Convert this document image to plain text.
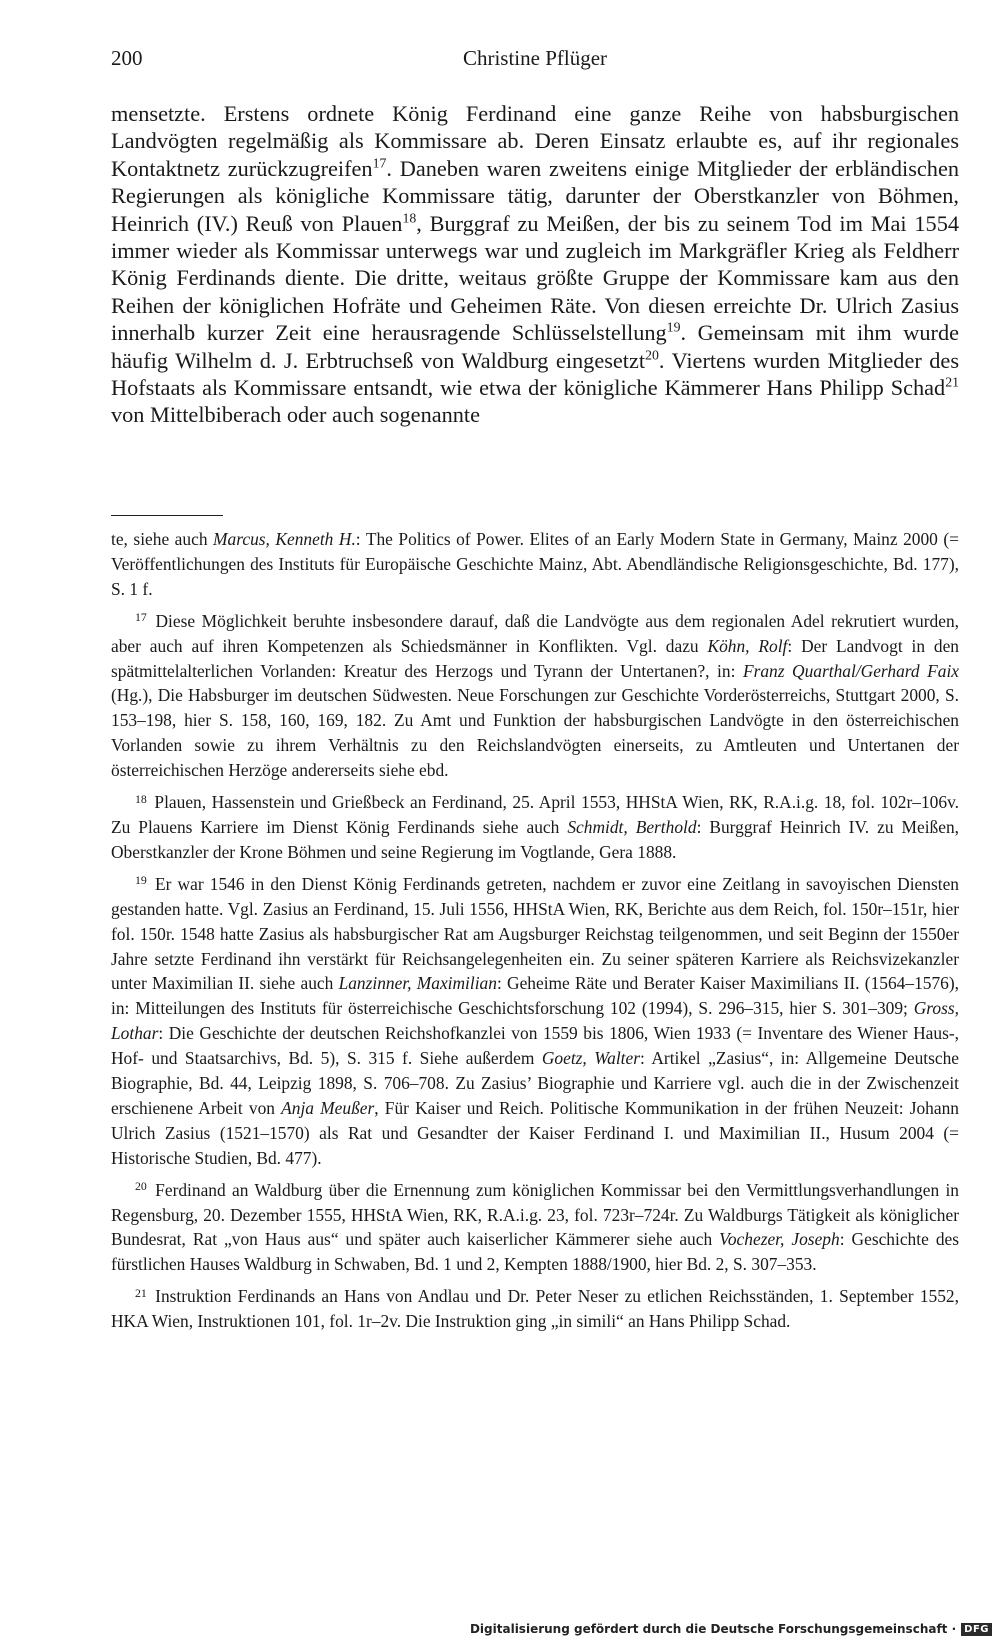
200	Christine Pflüger

mensetzte. Erstens ordnete König Ferdinand eine ganze Reihe von habsburgischen Landvögten regelmäßig als Kommissare ab. Deren Einsatz erlaubte es, auf ihr regionales Kontaktnetz zurückzugreifen$^{17}$. Daneben waren zweitens einige Mitglieder der erbländischen Regierungen als königliche Kommissare tätig, darunter der Oberstkanzler von Böhmen, Heinrich (IV.) Reuß von Plauen$^{18}$, Burggraf zu Meißen, der bis zu seinem Tod im Mai 1554 immer wieder als Kommissar unterwegs war und zugleich im Markgräfler Krieg als Feldherr König Ferdinands diente. Die dritte, weitaus größte Gruppe der Kommissare kam aus den Reihen der königlichen Hofräte und Geheimen Räte. Von diesen erreichte Dr. Ulrich Zasius innerhalb kurzer Zeit eine herausragende Schlüsselstellung$^{19}$. Gemeinsam mit ihm wurde häufig Wilhelm d. J. Erbtruchseß von Waldburg eingesetzt$^{20}$. Viertens wurden Mitglieder des Hofstaats als Kommissare entsandt, wie etwa der königliche Kämmerer Hans Philipp Schad$^{21}$ von Mittelbiberach oder auch sogenannte

te, siehe auch Marcus, Kenneth H.: The Politics of Power. Elites of an Early Modern State in Germany, Mainz 2000 (= Veröffentlichungen des Instituts für Europäische Geschichte Mainz, Abt. Abendländische Religionsgeschichte, Bd. 177), S. 1 f.

$^{17}$ Diese Möglichkeit beruhte insbesondere darauf, daß die Landvögte aus dem regionalen Adel rekrutiert wurden, aber auch auf ihren Kompetenzen als Schiedsmänner in Konflikten. Vgl. dazu Köhn, Rolf: Der Landvogt in den spätmittelalterlichen Vorlanden: Kreatur des Herzogs und Tyrann der Untertanen?, in: Franz Quarthal/Gerhard Faix (Hg.), Die Habsburger im deutschen Südwesten. Neue Forschungen zur Geschichte Vorderösterreichs, Stuttgart 2000, S. 153–198, hier S. 158, 160, 169, 182. Zu Amt und Funktion der habsburgischen Landvögte in den österreichischen Vorlanden sowie zu ihrem Verhältnis zu den Reichslandvögten einerseits, zu Amtleuten und Untertanen der österreichischen Herzöge andererseits siehe ebd.

$^{18}$ Plauen, Hassenstein und Grießbeck an Ferdinand, 25. April 1553, HHStA Wien, RK, R.A.i.g. 18, fol. 102r–106v. Zu Plauens Karriere im Dienst König Ferdinands siehe auch Schmidt, Berthold: Burggraf Heinrich IV. zu Meißen, Oberstkanzler der Krone Böhmen und seine Regierung im Vogtlande, Gera 1888.

$^{19}$ Er war 1546 in den Dienst König Ferdinands getreten, nachdem er zuvor eine Zeitlang in savoyischen Diensten gestanden hatte. Vgl. Zasius an Ferdinand, 15. Juli 1556, HHStA Wien, RK, Berichte aus dem Reich, fol. 150r–151r, hier fol. 150r. 1548 hatte Zasius als habsburgischer Rat am Augsburger Reichstag teilgenommen, und seit Beginn der 1550er Jahre setzte Ferdinand ihn verstärkt für Reichsangelegenheiten ein. Zu seiner späteren Karriere als Reichsvizekanzler unter Maximilian II. siehe auch Lanzinner, Maximilian: Geheime Räte und Berater Kaiser Maximilians II. (1564–1576), in: Mitteilungen des Instituts für österreichische Geschichtsforschung 102 (1994), S. 296–315, hier S. 301–309; Gross, Lothar: Die Geschichte der deutschen Reichshofkanzlei von 1559 bis 1806, Wien 1933 (= Inventare des Wiener Haus-, Hof- und Staatsarchivs, Bd. 5), S. 315 f. Siehe außerdem Goetz, Walter: Artikel „Zasius“, in: Allgemeine Deutsche Biographie, Bd. 44, Leipzig 1898, S. 706–708. Zu Zasius’ Biographie und Karriere vgl. auch die in der Zwischenzeit erschienene Arbeit von Anja Meußer, Für Kaiser und Reich. Politische Kommunikation in der frühen Neuzeit: Johann Ulrich Zasius (1521–1570) als Rat und Gesandter der Kaiser Ferdinand I. und Maximilian II., Husum 2004 (= Historische Studien, Bd. 477).

$^{20}$ Ferdinand an Waldburg über die Ernennung zum königlichen Kommissar bei den Vermittlungsverhandlungen in Regensburg, 20. Dezember 1555, HHStA Wien, RK, R.A.i.g. 23, fol. 723r–724r. Zu Waldburgs Tätigkeit als königlicher Bundesrat, Rat „von Haus aus“ und später auch kaiserlicher Kämmerer siehe auch Vochezer, Joseph: Geschichte des fürstlichen Hauses Waldburg in Schwaben, Bd. 1 und 2, Kempten 1888/1900, hier Bd. 2, S. 307–353.

$^{21}$ Instruktion Ferdinands an Hans von Andlau und Dr. Peter Neser zu etlichen Reichsständen, 1. September 1552, HKA Wien, Instruktionen 101, fol. 1r–2v. Die Instruktion ging „in simili“ an Hans Philipp Schad.

Digitalisierung gefördert durch die Deutsche Forschungsgemeinschaft · DFG
